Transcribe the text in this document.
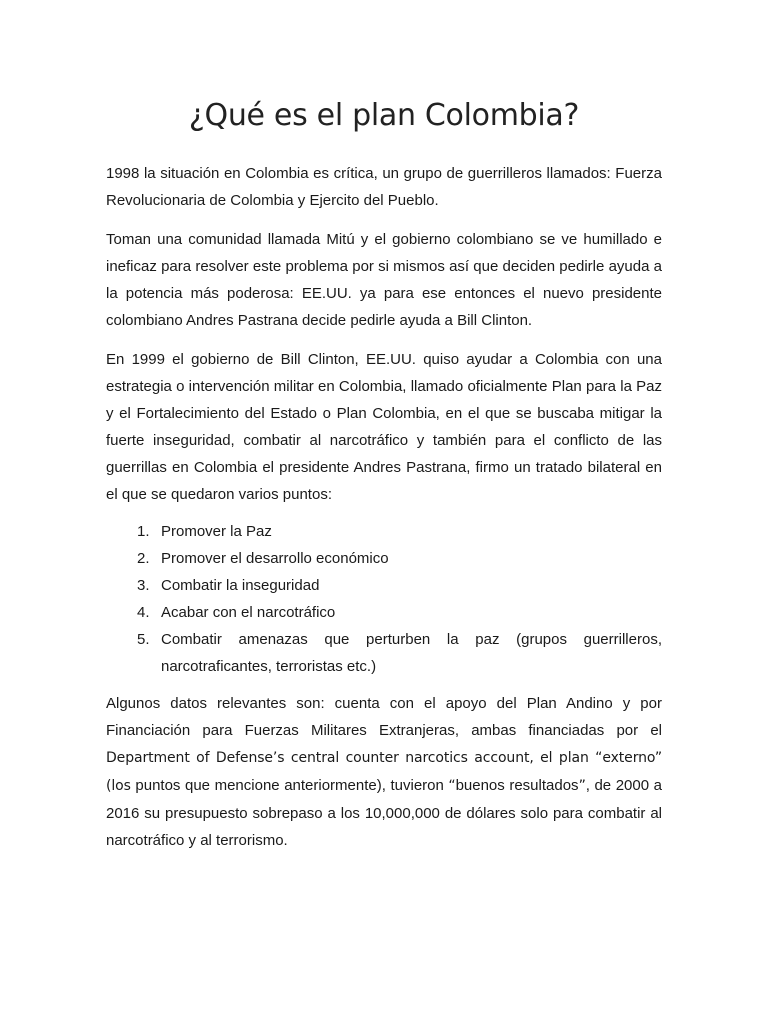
¿Qué es el plan Colombia?

1998 la situación en Colombia es crítica, un grupo de guerrilleros llamados: Fuerza Revolucionaria de Colombia y Ejercito del Pueblo.

Toman una comunidad llamada Mitú y el gobierno colombiano se ve humillado e ineficaz para resolver este problema por si mismos así que deciden pedirle ayuda a la potencia más poderosa: EE.UU. ya para ese entonces el nuevo presidente colombiano Andres Pastrana decide pedirle ayuda a Bill Clinton.

En 1999 el gobierno de Bill Clinton, EE.UU. quiso ayudar a Colombia con una estrategia o intervención militar en Colombia, llamado oficialmente Plan para la Paz y el Fortalecimiento del Estado o Plan Colombia, en el que se buscaba mitigar la fuerte inseguridad, combatir al narcotráfico y también para el conflicto de las guerrillas en Colombia el presidente Andres Pastrana, firmo un tratado bilateral en el que se quedaron varios puntos:

1. Promover la Paz
2. Promover el desarrollo económico
3. Combatir la inseguridad
4. Acabar con el narcotráfico
5. Combatir amenazas que perturben la paz (grupos guerrilleros, narcotraficantes, terroristas etc.)

Algunos datos relevantes son: cuenta con el apoyo del Plan Andino y por Financiación para Fuerzas Militares Extranjeras, ambas financiadas por el Department of Defense’s central counter narcotics account, el plan “externo” (los puntos que mencione anteriormente), tuvieron “buenos resultados”, de 2000 a 2016 su presupuesto sobrepaso a los 10,000,000 de dólares solo para combatir al narcotráfico y al terrorismo.
